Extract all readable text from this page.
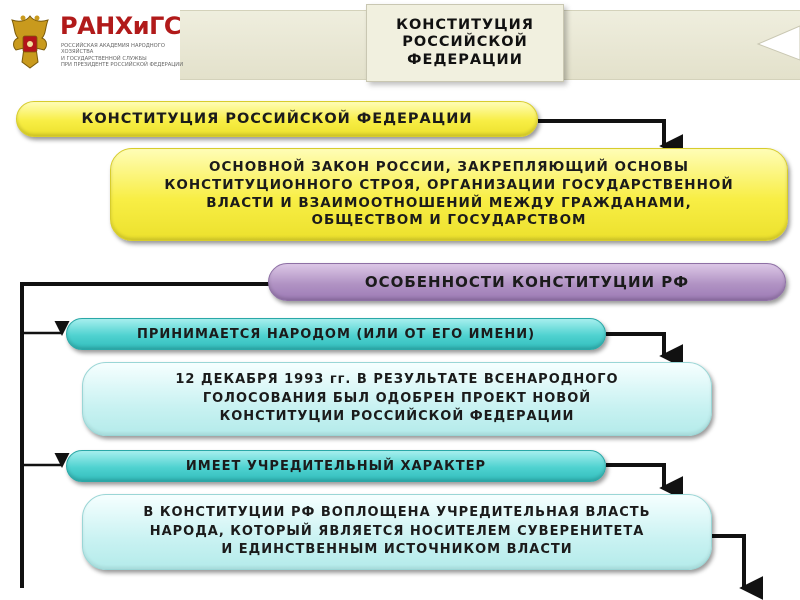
КОНСТИТУЦИЯ
РОССИЙСКОЙ
ФЕДЕРАЦИИ
РАНХиГС
РОССИЙСКАЯ АКАДЕМИЯ НАРОДНОГО ХОЗЯЙСТВА
И ГОСУДАРСТВЕННОЙ СЛУЖБЫ
ПРИ ПРЕЗИДЕНТЕ РОССИЙСКОЙ ФЕДЕРАЦИИ
КОНСТИТУЦИЯ РОССИЙСКОЙ ФЕДЕРАЦИИ
ОСНОВНОЙ ЗАКОН РОССИИ, ЗАКРЕПЛЯЮЩИЙ ОСНОВЫ
КОНСТИТУЦИОННОГО СТРОЯ, ОРГАНИЗАЦИИ ГОСУДАРСТВЕННОЙ
ВЛАСТИ И ВЗАИМООТНОШЕНИЙ МЕЖДУ ГРАЖДАНАМИ,
ОБЩЕСТВОМ И ГОСУДАРСТВОМ
ОСОБЕННОСТИ КОНСТИТУЦИИ РФ
ПРИНИМАЕТСЯ НАРОДОМ (ИЛИ ОТ ЕГО ИМЕНИ)
12 ДЕКАБРЯ 1993 гг. В РЕЗУЛЬТАТЕ ВСЕНАРОДНОГО
ГОЛОСОВАНИЯ БЫЛ ОДОБРЕН ПРОЕКТ НОВОЙ
КОНСТИТУЦИИ РОССИЙСКОЙ ФЕДЕРАЦИИ
ИМЕЕТ УЧРЕДИТЕЛЬНЫЙ ХАРАКТЕР
В КОНСТИТУЦИИ РФ ВОПЛОЩЕНА УЧРЕДИТЕЛЬНАЯ ВЛАСТЬ
НАРОДА, КОТОРЫЙ ЯВЛЯЕТСЯ НОСИТЕЛЕМ СУВЕРЕНИТЕТА
И ЕДИНСТВЕННЫМ ИСТОЧНИКОМ ВЛАСТИ
